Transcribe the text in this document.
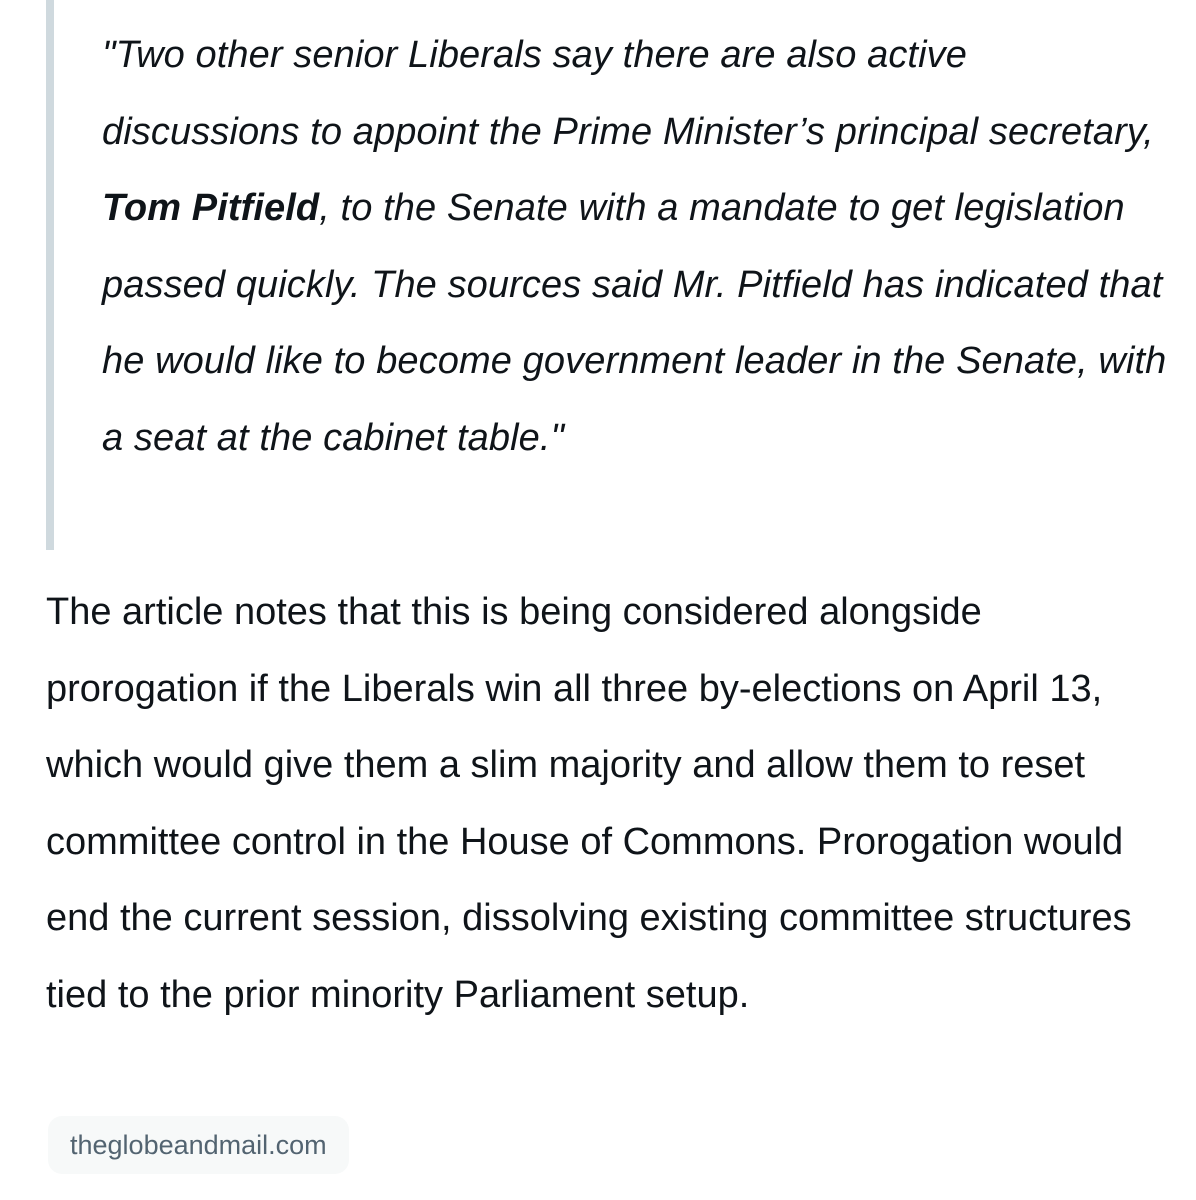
"Two other senior Liberals say there are also active discussions to appoint the Prime Minister’s principal secretary, Tom Pitfield, to the Senate with a mandate to get legislation passed quickly. The sources said Mr. Pitfield has indicated that he would like to become government leader in the Senate, with a seat at the cabinet table."

The article notes that this is being considered alongside prorogation if the Liberals win all three by-elections on April 13, which would give them a slim majority and allow them to reset committee control in the House of Commons. Prorogation would end the current session, dissolving existing committee structures tied to the prior minority Parliament setup.

theglobeandmail.com
